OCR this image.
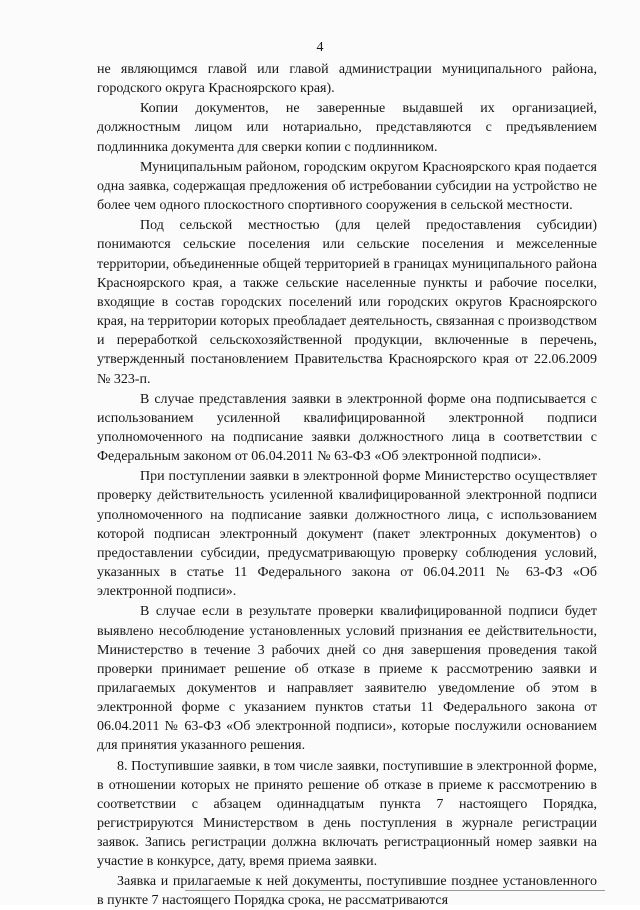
4

не являющимся главой или главой администрации муниципального района, городского округа Красноярского края).

Копии документов, не заверенные выдавшей их организацией, должностным лицом или нотариально, представляются с предъявлением подлинника документа для сверки копии с подлинником.

Муниципальным районом, городским округом Красноярского края подается одна заявка, содержащая предложения об истребовании субсидии на устройство не более чем одного плоскостного спортивного сооружения в сельской местности.

Под сельской местностью (для целей предоставления субсидии) понимаются сельские поселения или сельские поселения и межселенные территории, объединенные общей территорией в границах муниципального района Красноярского края, а также сельские населенные пункты и рабочие поселки, входящие в состав городских поселений или городских округов Красноярского края, на территории которых преобладает деятельность, связанная с производством и переработкой сельскохозяйственной продукции, включенные в перечень, утвержденный постановлением Правительства Красноярского края от 22.06.2009 № 323-п.

В случае представления заявки в электронной форме она подписывается с использованием усиленной квалифицированной электронной подписи уполномоченного на подписание заявки должностного лица в соответствии с Федеральным законом от 06.04.2011 № 63-ФЗ «Об электронной подписи».

При поступлении заявки в электронной форме Министерство осуществляет проверку действительность усиленной квалифицированной электронной подписи уполномоченного на подписание заявки должностного лица, с использованием которой подписан электронный документ (пакет электронных документов) о предоставлении субсидии, предусматривающую проверку соблюдения условий, указанных в статье 11 Федерального закона от 06.04.2011 № 63-ФЗ «Об электронной подписи».

В случае если в результате проверки квалифицированной подписи будет выявлено несоблюдение установленных условий признания ее действительности, Министерство в течение 3 рабочих дней со дня завершения проведения такой проверки принимает решение об отказе в приеме к рассмотрению заявки и прилагаемых документов и направляет заявителю уведомление об этом в электронной форме с указанием пунктов статьи 11 Федерального закона от 06.04.2011 № 63-ФЗ «Об электронной подписи», которые послужили основанием для принятия указанного решения.

8. Поступившие заявки, в том числе заявки, поступившие в электронной форме, в отношении которых не принято решение об отказе в приеме к рассмотрению в соответствии с абзацем одиннадцатым пункта 7 настоящего Порядка, регистрируются Министерством в день поступления в журнале регистрации заявок. Запись регистрации должна включать регистрационный номер заявки на участие в конкурсе, дату, время приема заявки.

Заявка и прилагаемые к ней документы, поступившие позднее установленного в пункте 7 настоящего Порядка срока, не рассматриваются
